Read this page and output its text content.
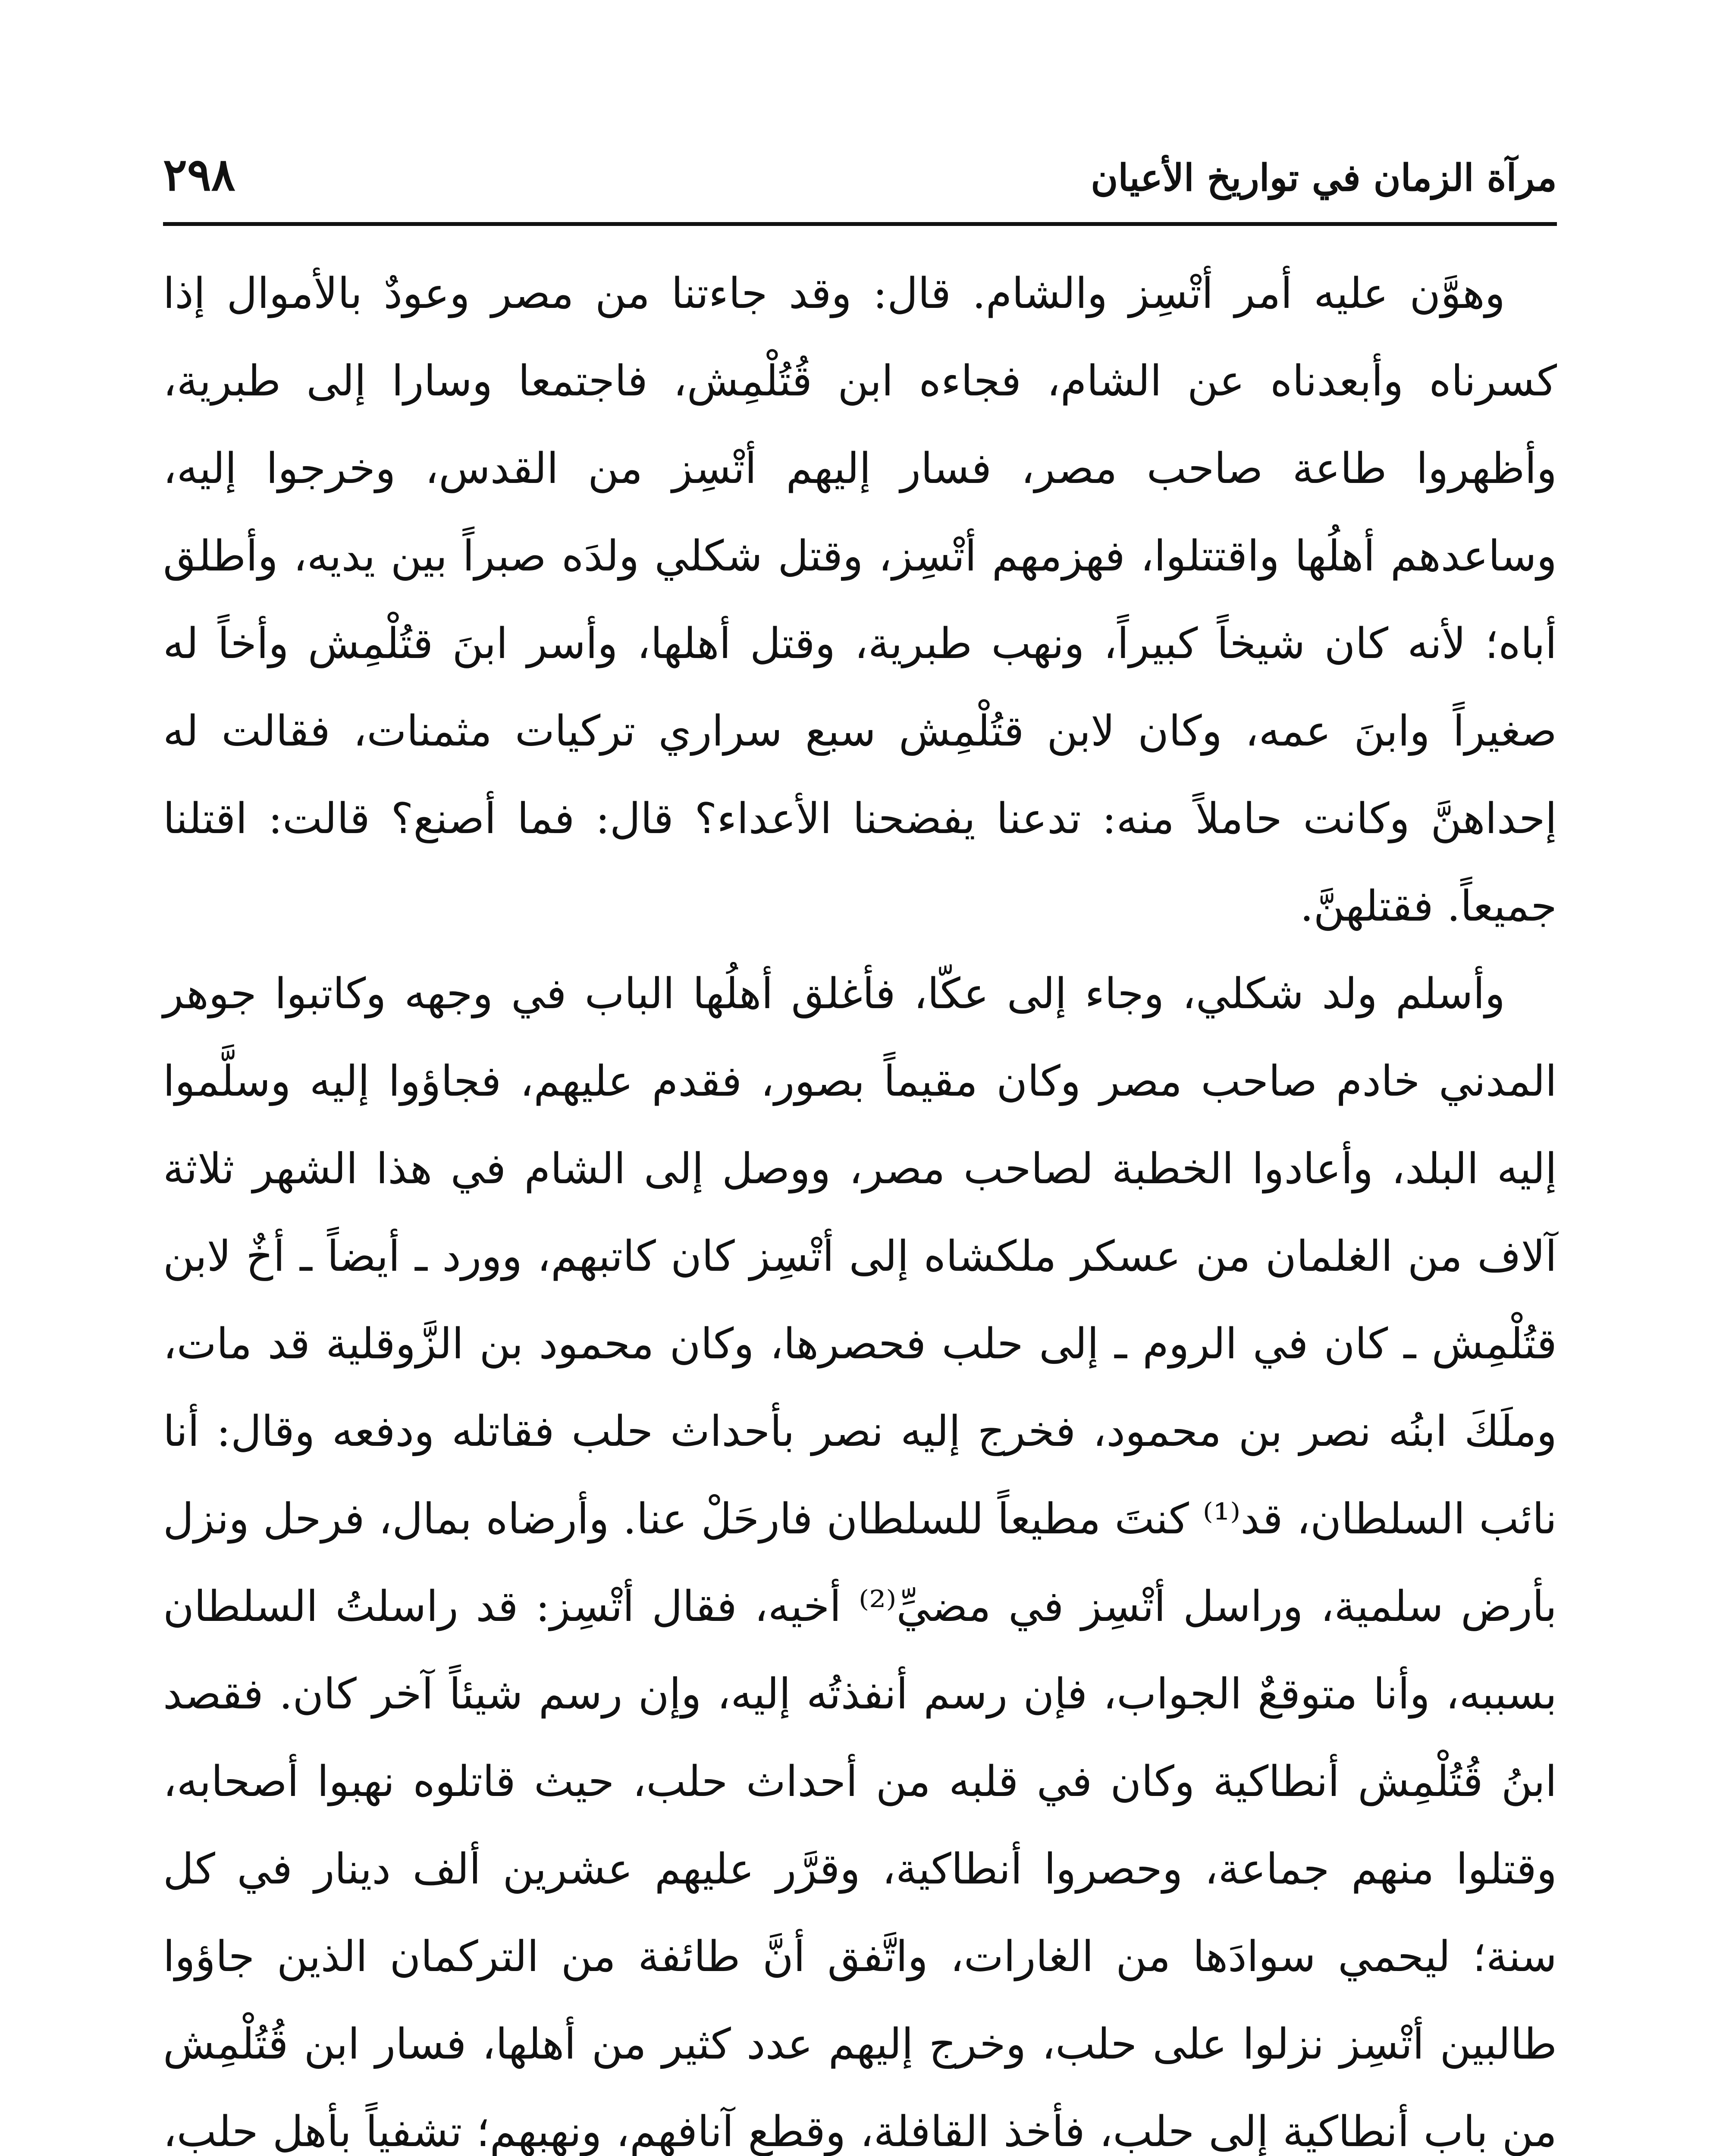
٢٩٨	مرآة الزمان في تواريخ الأعيان

وهوَّن عليه أمر أتْسِز والشام. قال: وقد جاءتنا من مصر وعودٌ بالأموال إذا كسرناه وأبعدناه عن الشام، فجاءه ابن قُتُلْمِش، فاجتمعا وسارا إلى طبرية، وأظهروا طاعة صاحب مصر، فسار إليهم أتْسِز من القدس، وخرجوا إليه، وساعدهم أهلُها واقتتلوا، فهزمهم أتْسِز، وقتل شكلي ولدَه صبراً بين يديه، وأطلق أباه؛ لأنه كان شيخاً كبيراً، ونهب طبرية، وقتل أهلها، وأسر ابنَ قتُلْمِش وأخاً له صغيراً وابنَ عمه، وكان لابن قتُلْمِش سبع سراري تركيات مثمنات، فقالت له إحداهنَّ وكانت حاملاً منه: تدعنا يفضحنا الأعداء؟ قال: فما أصنع؟ قالت: اقتلنا جميعاً. فقتلهنَّ.

وأسلم ولد شكلي، وجاء إلى عكّا، فأغلق أهلُها الباب في وجهه وكاتبوا جوهر المدني خادم صاحب مصر وكان مقيماً بصور، فقدم عليهم، فجاؤوا إليه وسلَّموا إليه البلد، وأعادوا الخطبة لصاحب مصر، ووصل إلى الشام في هذا الشهر ثلاثة آلاف من الغلمان من عسكر ملكشاه إلى أتْسِز كان كاتبهم، وورد ـ أيضاً ـ أخٌ لابن قتُلْمِش ـ كان في الروم ـ إلى حلب فحصرها، وكان محمود بن الزَّوقلية قد مات، وملَكَ ابنُه نصر بن محمود، فخرج إليه نصر بأحداث حلب فقاتله ودفعه وقال: أنا نائب السلطان، قد⁽¹⁾ كنتَ مطيعاً للسلطان فارحَلْ عنا. وأرضاه بمال، فرحل ونزل بأرض سلمية، وراسل أتْسِز في مضيِّ⁽²⁾ أخيه، فقال أتْسِز: قد راسلتُ السلطان بسببه، وأنا متوقعٌ الجواب، فإن رسم أنفذتُه إليه، وإن رسم شيئاً آخر كان. فقصد ابنُ قُتُلْمِش أنطاكية وكان في قلبه من أحداث حلب، حيث قاتلوه نهبوا أصحابه، وقتلوا منهم جماعة، وحصروا أنطاكية، وقرَّر عليهم عشرين ألف دينار في كل سنة؛ ليحمي سوادَها من الغارات، واتَّفق أنَّ طائفة من التركمان الذين جاؤوا طالبين أتْسِز نزلوا على حلب، وخرج إليهم عدد كثير من أهلها، فسار ابن قُتُلْمِش من باب أنطاكية إلى حلب، فأخذ القافلة، وقطع آنافهم، ونهبهم؛ تشفياً بأهل حلب،
